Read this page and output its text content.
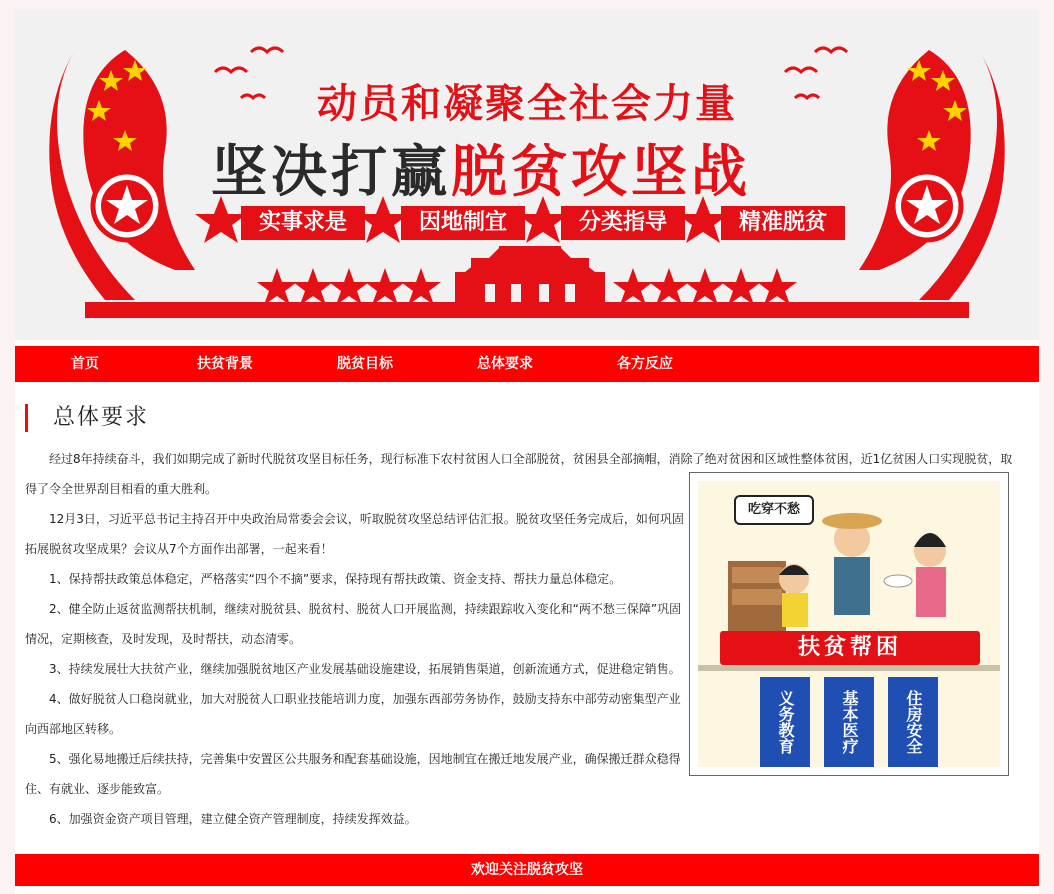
动员和凝聚全社会力量
坚决打赢脱贫攻坚战
实事求是	因地制宜	分类指导	精准脱贫
首页	扶贫背景	脱贫目标	总体要求	各方反应
总体要求
吃穿不愁
扶贫帮困
义务教育	基本医疗	住房安全

经过8年持续奋斗，我们如期完成了新时代脱贫攻坚目标任务，现行标准下农村贫困人口全部脱贫，贫困县全部摘帽，消除了绝对贫困和区域性整体贫困，近1亿贫困人口实现脱贫，取得了令全世界刮目相看的重大胜利。

12月3日，习近平总书记主持召开中央政治局常委会会议，听取脱贫攻坚总结评估汇报。脱贫攻坚任务完成后，如何巩固拓展脱贫攻坚成果？会议从7个方面作出部署，一起来看！

1、保持帮扶政策总体稳定，严格落实“四个不摘”要求，保持现有帮扶政策、资金支持、帮扶力量总体稳定。

2、健全防止返贫监测帮扶机制，继续对脱贫县、脱贫村、脱贫人口开展监测，持续跟踪收入变化和“两不愁三保障”巩固情况，定期核查，及时发现，及时帮扶，动态清零。

3、持续发展壮大扶贫产业，继续加强脱贫地区产业发展基础设施建设，拓展销售渠道，创新流通方式，促进稳定销售。

4、做好脱贫人口稳岗就业，加大对脱贫人口职业技能培训力度，加强东西部劳务协作，鼓励支持东中部劳动密集型产业向西部地区转移。

5、强化易地搬迁后续扶持，完善集中安置区公共服务和配套基础设施，因地制宜在搬迁地发展产业，确保搬迁群众稳得住、有就业、逐步能致富。

6、加强资金资产项目管理，建立健全资产管理制度，持续发挥效益。

欢迎关注脱贫攻坚
